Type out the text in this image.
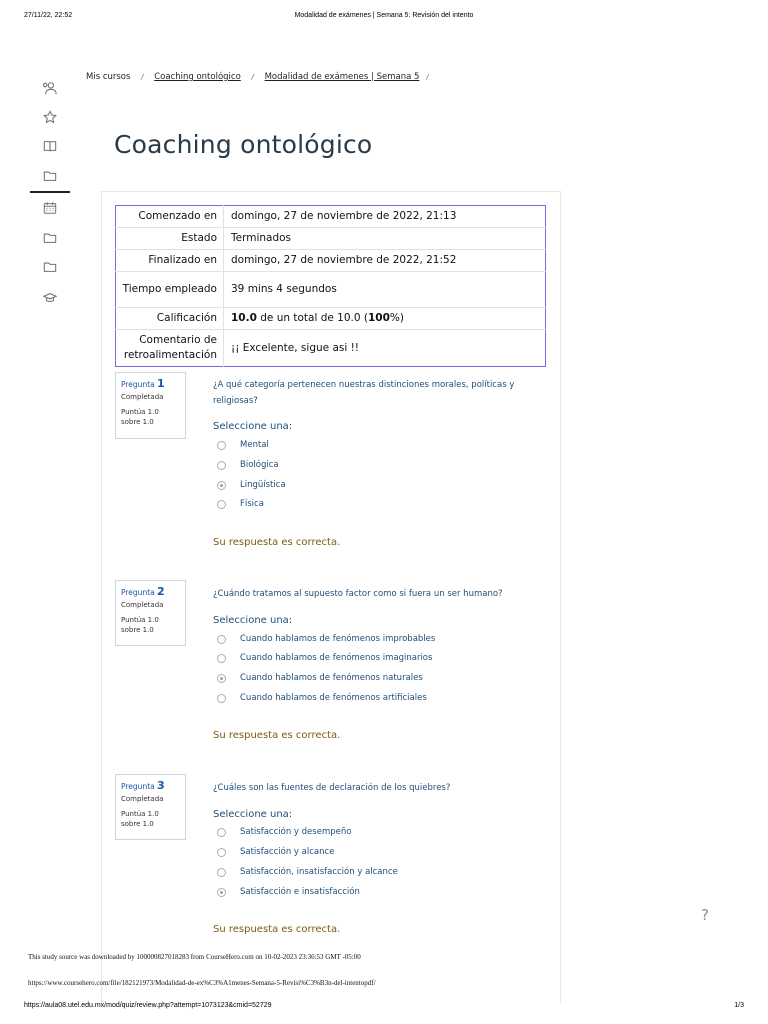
27/11/22, 22:52	Modalidad de exámenes | Semana 5: Revisión del intento
Mis cursos / Coaching ontológico / Modalidad de exámenes | Semana 5 /
Coaching ontológico
Comenzado en	domingo, 27 de noviembre de 2022, 21:13
Estado	Terminados
Finalizado en	domingo, 27 de noviembre de 2022, 21:52
Tiempo empleado	39 mins 4 segundos
Calificación	10.0 de un total de 10.0 (100%)
Comentario de retroalimentación	¡¡ Excelente, sigue asi !!
Pregunta 1
Completada
Puntúa 1.0 sobre 1.0
¿A qué categoría pertenecen nuestras distinciones morales, políticas y religiosas?
Seleccione una:
Mental
Biológica
Lingüística
Física
Su respuesta es correcta.
Pregunta 2
Completada
Puntúa 1.0 sobre 1.0
¿Cuándo tratamos al supuesto factor como si fuera un ser humano?
Seleccione una:
Cuando hablamos de fenómenos improbables
Cuando hablamos de fenómenos imaginarios
Cuando hablamos de fenómenos naturales
Cuando hablamos de fenómenos artificiales
Su respuesta es correcta.
Pregunta 3
Completada
Puntúa 1.0 sobre 1.0
¿Cuáles son las fuentes de declaración de los quiebres?
Seleccione una:
Satisfacción y desempeño
Satisfacción y alcance
Satisfacción, insatisfacción y alcance
Satisfacción e insatisfacción
Su respuesta es correcta.
?
This study source was downloaded by 100000827018283 from CourseHero.com on 10-02-2023 23:36:53 GMT -05:00
https://www.coursehero.com/file/182121973/Modalidad-de-ex%C3%A1menes-Semana-5-Revisi%C3%B3n-del-intentopdf/
https://aula08.utel.edu.mx/mod/quiz/review.php?attempt=1073123&cmid=52729	1/3
